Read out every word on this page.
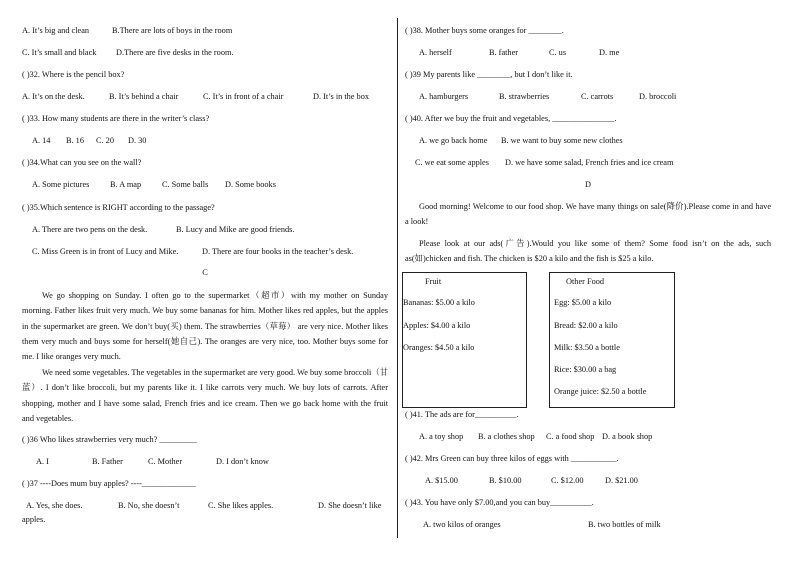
A. It’s big and clean	B.There are lots of boys in the room
C. It’s small and black D.There are five desks in the room.
( )32. Where is the pencil box?
A. It’s on the desk.	B. It’s behind a chair	C. It’s in front of a chair	D. It’s in the box
( )33. How many students are there in the writer’s class?
A. 14 B. 16 C. 20 D. 30
( )34.What can you see on the wall?
A. Some pictures B. A map	C. Some balls D. Some books
( )35.Which sentence is RIGHT according to the passage?
A. There are two pens on the desk.	B. Lucy and Mike are good friends.
C. Miss Green is in front of Lucy and Mike.	D. There are four books in the teacher’s desk.
C
We go shopping on Sunday. I often go to the supermarket（超市）with my mother on Sunday morning. Father likes fruit very much. We buy some bananas for him. Mother likes red apples, but the apples in the supermarket are green. We don’t buy(买) them. The strawberries（草莓） are very nice. Mother likes them very much and buys some for herself(她自己). The oranges are very nice, too. Mother buys some for me. I like oranges very much.
We need some vegetables. The vegetables in the supermarket are very good. We buy some broccoli（甘蓝）. I don’t like broccoli, but my parents like it. I like carrots very much. We buy lots of carrots. After shopping, mother and I have some salad, French fries and ice cream. Then we go back home with the fruit and vegetables.
( )36 Who likes strawberries very much? _________
A. I	B. Father	C. Mother	D. I don’t know
( )37 ----Does mum buy apples? ----_____________
A. Yes, she does.	B. No, she doesn’t	C. She likes apples.	D. She doesn’t like
apples.
( )38. Mother buys some oranges for ________.
A. herself	B. father	C. us	D. me
( )39 My parents like ________, but I don’t like it.
A. hamburgers	B. strawberries	C. carrots	D. broccoli
( )40. After we buy the fruit and vegetables, _______________.
A. we go back home B. we want to buy some new clothes
C. we eat some apples D. we have some salad, French fries and ice cream
D
Good morning! Welcome to our food shop. We have many things on sale(降价).Please come in and have a look!
Please look at our ads(广告).Would you like some of them? Some food isn’t on the ads, such as(如)chicken and fish. The chicken is $20 a kilo and the fish is $25 a kilo.
Fruit
Bananas: $5.00 a kilo
Apples: $4.00 a kilo
Oranges: $4.50 a kilo
Other Food
Egg: $5.00 a kilo
Bread: $2.00 a kilo
Milk: $3.50 a bottle
Rice: $30.00 a bag
Orange juice: $2.50 a bottle
( )41. The ads are for__________.
A. a toy shop B. a clothes shop C. a food shop D. a book shop
( )42. Mrs Green can buy three kilos of eggs with ___________.
A. $15.00	B. $10.00	C. $12.00	D. $21.00
( )43. You have only $7.00,and you can buy__________.
A. two kilos of oranges	B. two bottles of milk
